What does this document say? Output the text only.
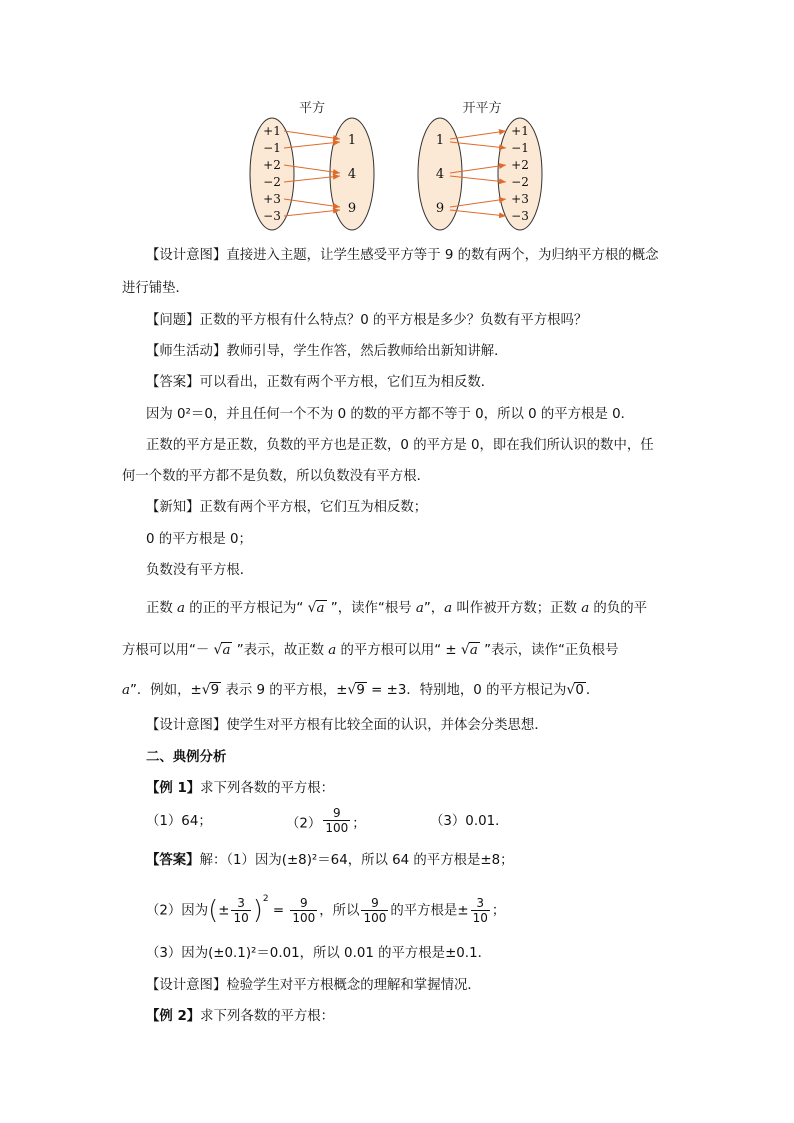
平方
+1
−1
+2
−2
+3
−3
1
4
9
开平方
1
4
9
+1
−1
+2
−2
+3
−3
【设计意图】直接进入主题，让学生感受平方等于 9 的数有两个，为归纳平方根的概念
进行铺垫．
【问题】正数的平方根有什么特点？0 的平方根是多少？负数有平方根吗？
【师生活动】教师引导，学生作答，然后教师给出新知讲解．
【答案】可以看出，正数有两个平方根，它们互为相反数．
因为 0²＝0，并且任何一个不为 0 的数的平方都不等于 0，所以 0 的平方根是 0．
正数的平方是正数，负数的平方也是正数，0 的平方是 0，即在我们所认识的数中，任
何一个数的平方都不是负数，所以负数没有平方根．
【新知】正数有两个平方根，它们互为相反数；
0 的平方根是 0；
负数没有平方根．
正数 a 的正的平方根记为“ √a ”，读作“根号 a”，a 叫作被开方数；正数 a 的负的平
方根可以用“－ √a ”表示，故正数 a 的平方根可以用“ ± √a ”表示，读作“正负根号
a”．例如，±√9 表示 9 的平方根，±√9 = ±3．特别地，0 的平方根记为√0 ．
【设计意图】使学生对平方根有比较全面的认识，并体会分类思想．
二、典例分析
【例 1】求下列各数的平方根：
（1）64；	$(2) \frac{9}{100}$ ；	（3）0.01．
【答案】解：（1）因为(±8)²＝64，所以 64 的平方根是±8；
（2）因为(± $\frac{3}{10} )^2 = \frac{9}{100}$ ，所以 $\frac{9}{100}$ 的平方根是± $\frac{3}{10}$ ；
（3）因为(±0.1)²＝0.01，所以 0.01 的平方根是±0.1．
【设计意图】检验学生对平方根概念的理解和掌握情况．
【例 2】求下列各数的平方根：
